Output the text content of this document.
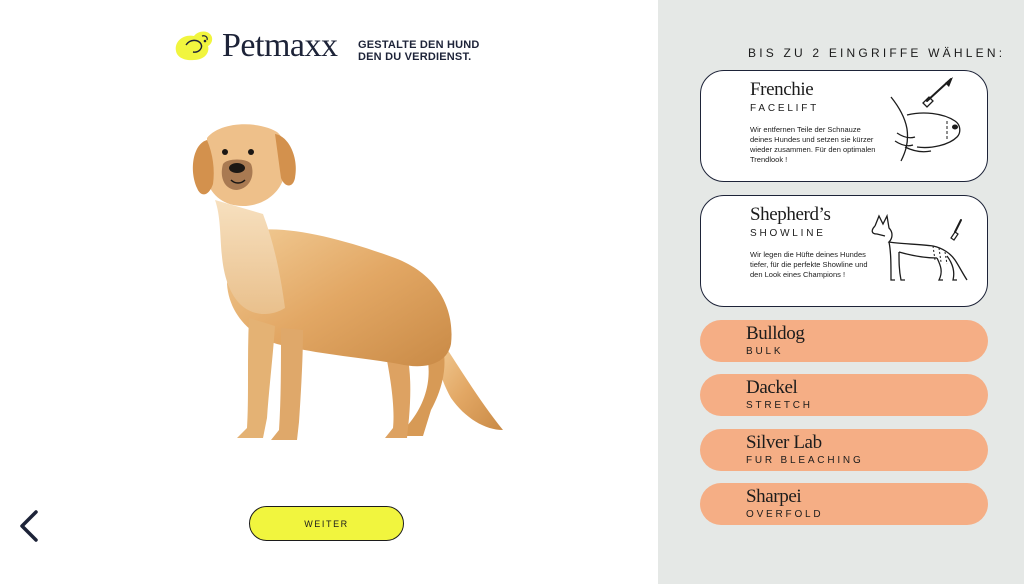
Petmaxx GESTALTE DEN HUND
DEN DU VERDIENST.
WEITER
BIS ZU 2 EINGRIFFE WÄHLEN:
Frenchie
FACELIFT
Wir entfernen Teile der Schnauze deines Hundes und setzen sie kürzer wieder zusammen. Für den optimalen Trendlook !
Shepherd’s
SHOWLINE
Wir legen die Hüfte deines Hundes tiefer, für die perfekte Showline und den Look eines Champions !
Bulldog
BULK
Dackel
STRETCH
Silver Lab
FUR BLEACHING
Sharpei
OVERFOLD
